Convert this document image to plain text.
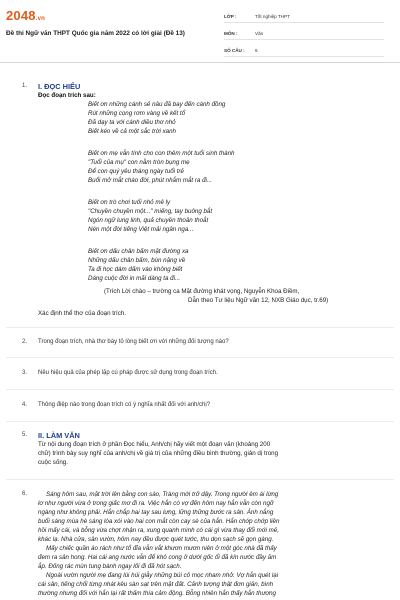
2048.vn
Đề thi Ngữ văn THPT Quốc gia năm 2022 có lời giải (Đề 13)
LỚP :	Tốt nghiệp THPT
MÔN :	Văn
SỐ CÂU :	6
1. I. ĐỌC HIỂU
Đọc đoạn trích sau:
Biết ơn những cánh sẻ nâu đã bay đến cánh đồng
Rút những cọng rơm vàng về kết tổ
Đã dạy ta với cánh diều thơ nhỏ
Biết kéo về cả một sắc trời xanh
Biết ơn mẹ vẫn tính cho con thêm một tuổi sinh thành
"Tuổi của mụ" con nằm tròn bụng mẹ
Để con quý yêu tháng ngày tuổi trẻ
Buổi mở mắt chào đời, phút nhắm mắt ra đi...
Biết ơn trò chơi tuổi nhỏ mê ly
"Chuyền chuyền một..." miếng, tay buông bắt
Ngón ngữ lung linh, quả chuyền thoăn thoắt
Nén một đời tiếng Việt mải ngân nga...
Biết ơn dấu chân bấm mặt đường xa
Những dấu chân bấm, bùn nặng về
Ta đi học dám dấm vào không biết
Dáng cuộc đời in mãi dáng ta đi...
(Trích Lời chào – trường ca Mặt đường khát vọng, Nguyễn Khoa Điềm,
Dẫn theo Tư liệu Ngữ văn 12, NXB Giáo dục, tr.69)
Xác định thể thơ của đoạn trích.
2. Trong đoạn trích, nhà thơ bày tỏ lòng biết ơn với những đối tượng nào?
3. Nêu hiệu quả của phép lặp cú pháp được sử dụng trong đoạn trích.
4. Thông điệp nào trong đoạn trích có ý nghĩa nhất đối với anh/chị?
5. II. LÀM VĂN
Từ nội dung đoạn trích ở phần Đọc hiểu, Anh/chị hãy viết một đoạn văn (khoảng 200
chữ) trình bày suy nghĩ của anh/chị về giá trị của những điều bình thường, giản dị trong
cuộc sống.
6.	Sáng hôm sau, mặt trời lên bằng con sào, Tràng mới trở dậy. Trong người êm ái lừng
lơ như người vừa ở trong giấc mơ đi ra. Việc hắn có vợ đến hôm nay hắn vẫn còn ngỡ
ngàng như không phải. Hắn chắp hai tay sau lưng, lững thững bước ra sân. Ánh nắng
buổi sáng mùa hè sáng lóa xói vào hai con mắt còn cay sè của hắn. Hắn chớp chớp liên
hồi mấy cái, và bỗng vừa chợt nhận ra, xung quanh mình có cái gì vừa thay đổi mới mẻ,
khác lạ. Nhà cửa, sân vườn, hôm nay đều được quét tước, thu dọn sạch sẽ gọn gàng.
Mấy chiếc quần áo rách như tổ đỉa vẫn vắt khươn mươn niên ở một góc nhà đã thấy
đem ra sân hong. Hai cái ang nước vẫn để khô cong ở dưới gốc ổi đã kín nước đầy ăm
ắp. Đống rác mùn tung bành ngay lối đi đã hót sạch.
Ngoài vườn người mẹ đang lúi húi giẫy những búi cỏ mọc nham nhở. Vợ hắn quét lại
cái sân, tiếng chổi từng nhát kêu sàn sạt trên mặt đất. Cảnh tượng thật đơn giản, bình
thường nhưng đối với hắn lại rất thấm thía cảm động. Bỗng nhiên hắn thấy hắn thương
